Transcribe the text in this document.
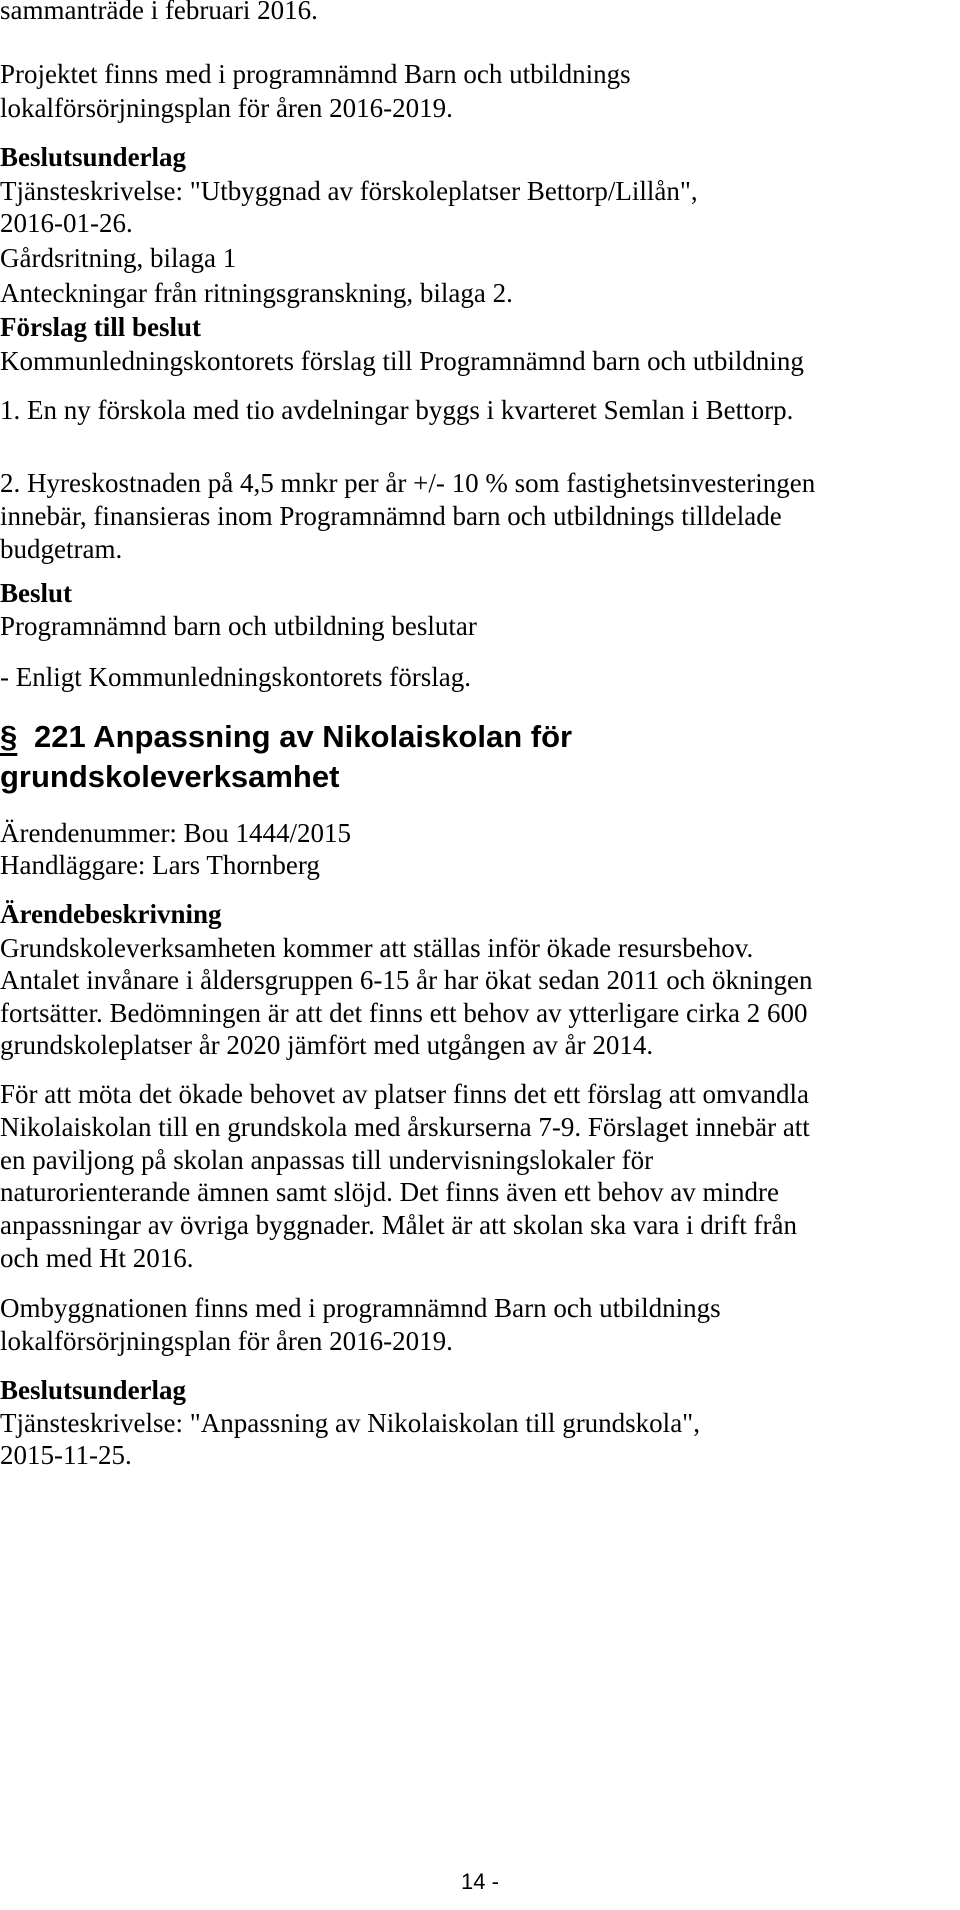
sammanträde i februari 2016.
Projektet finns med i programnämnd Barn och utbildnings
lokalförsörjningsplan för åren 2016-2019.
Beslutsunderlag
Tjänsteskrivelse: "Utbyggnad av förskoleplatser Bettorp/Lillån",
2016-01-26.
Gårdsritning, bilaga 1
Anteckningar från ritningsgranskning, bilaga 2.
Förslag till beslut
Kommunledningskontorets förslag till Programnämnd barn och utbildning
1. En ny förskola med tio avdelningar byggs i kvarteret Semlan i Bettorp.
2. Hyreskostnaden på 4,5 mnkr per år +/- 10 % som fastighetsinvesteringen
innebär, finansieras inom Programnämnd barn och utbildnings tilldelade
budgetram.
Beslut
Programnämnd barn och utbildning beslutar
- Enligt Kommunledningskontorets förslag.
§ 221 Anpassning av Nikolaiskolan för
grundskoleverksamhet
Ärendenummer: Bou 1444/2015
Handläggare: Lars Thornberg
Ärendebeskrivning
Grundskoleverksamheten kommer att ställas inför ökade resursbehov.
Antalet invånare i åldersgruppen 6-15 år har ökat sedan 2011 och ökningen
fortsätter. Bedömningen är att det finns ett behov av ytterligare cirka 2 600
grundskoleplatser år 2020 jämfört med utgången av år 2014.
För att möta det ökade behovet av platser finns det ett förslag att omvandla
Nikolaiskolan till en grundskola med årskurserna 7-9. Förslaget innebär att
en paviljong på skolan anpassas till undervisningslokaler för
naturorienterande ämnen samt slöjd. Det finns även ett behov av mindre
anpassningar av övriga byggnader. Målet är att skolan ska vara i drift från
och med Ht 2016.
Ombyggnationen finns med i programnämnd Barn och utbildnings
lokalförsörjningsplan för åren 2016-2019.
Beslutsunderlag
Tjänsteskrivelse: "Anpassning av Nikolaiskolan till grundskola",
2015-11-25.
14 -
